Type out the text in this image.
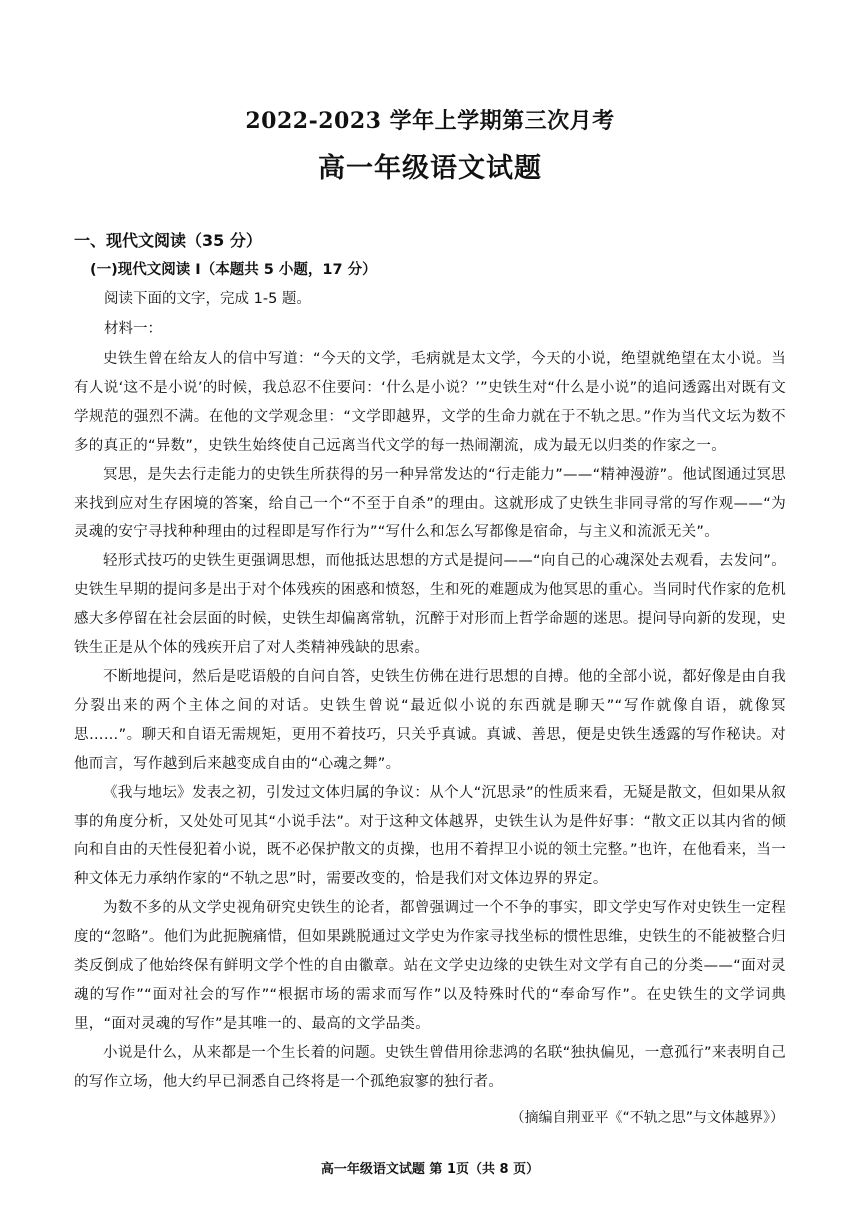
2022-2023 学年上学期第三次月考
高一年级语文试题
一、现代文阅读（35 分）
(一)现代文阅读 I（本题共 5 小题，17 分）
阅读下面的文字，完成 1-5 题。
材料一：

史铁生曾在给友人的信中写道：“今天的文学，毛病就是太文学，今天的小说，绝望就绝望在太小说。当有人说‘这不是小说’的时候，我总忍不住要问：‘什么是小说？’”史铁生对“什么是小说”的追问透露出对既有文学规范的强烈不满。在他的文学观念里：“文学即越界，文学的生命力就在于不轨之思。”作为当代文坛为数不多的真正的“异数”，史铁生始终使自己远离当代文学的每一热闹潮流，成为最无以归类的作家之一。

冥思，是失去行走能力的史铁生所获得的另一种异常发达的“行走能力”——“精神漫游”。他试图通过冥思来找到应对生存困境的答案，给自己一个“不至于自杀”的理由。这就形成了史铁生非同寻常的写作观——“为灵魂的安宁寻找种种理由的过程即是写作行为”“写什么和怎么写都像是宿命，与主义和流派无关”。

轻形式技巧的史铁生更强调思想，而他抵达思想的方式是提问——“向自己的心魂深处去观看，去发问”。史铁生早期的提问多是出于对个体残疾的困惑和愤怒，生和死的难题成为他冥思的重心。当同时代作家的危机感大多停留在社会层面的时候，史铁生却偏离常轨，沉醉于对形而上哲学命题的迷思。提问导向新的发现，史铁生正是从个体的残疾开启了对人类精神残缺的思索。

不断地提问，然后是呓语般的自问自答，史铁生仿佛在进行思想的自搏。他的全部小说，都好像是由自我分裂出来的两个主体之间的对话。史铁生曾说“最近似小说的东西就是聊天”“写作就像自语，就像冥思……”。聊天和自语无需规矩，更用不着技巧，只关乎真诚。真诚、善思，便是史铁生透露的写作秘诀。对他而言，写作越到后来越变成自由的“心魂之舞”。

《我与地坛》发表之初，引发过文体归属的争议：从个人“沉思录”的性质来看，无疑是散文，但如果从叙事的角度分析，又处处可见其“小说手法”。对于这种文体越界，史铁生认为是件好事：“散文正以其内省的倾向和自由的天性侵犯着小说，既不必保护散文的贞操，也用不着捍卫小说的领土完整。”也许，在他看来，当一种文体无力承纳作家的“不轨之思”时，需要改变的，恰是我们对文体边界的界定。

为数不多的从文学史视角研究史铁生的论者，都曾强调过一个不争的事实，即文学史写作对史铁生一定程度的“忽略”。他们为此扼腕痛惜，但如果跳脱通过文学史为作家寻找坐标的惯性思维，史铁生的不能被整合归类反倒成了他始终保有鲜明文学个性的自由徽章。站在文学史边缘的史铁生对文学有自己的分类——“面对灵魂的写作”“面对社会的写作”“根据市场的需求而写作”以及特殊时代的“奉命写作”。在史铁生的文学词典里，“面对灵魂的写作”是其唯一的、最高的文学品类。

小说是什么，从来都是一个生长着的问题。史铁生曾借用徐悲鸿的名联“独执偏见，一意孤行”来表明自己的写作立场，他大约早已洞悉自己终将是一个孤绝寂寥的独行者。

（摘编自荆亚平《“不轨之思”与文体越界》）
高一年级语文试题 第 1页（共 8 页）
